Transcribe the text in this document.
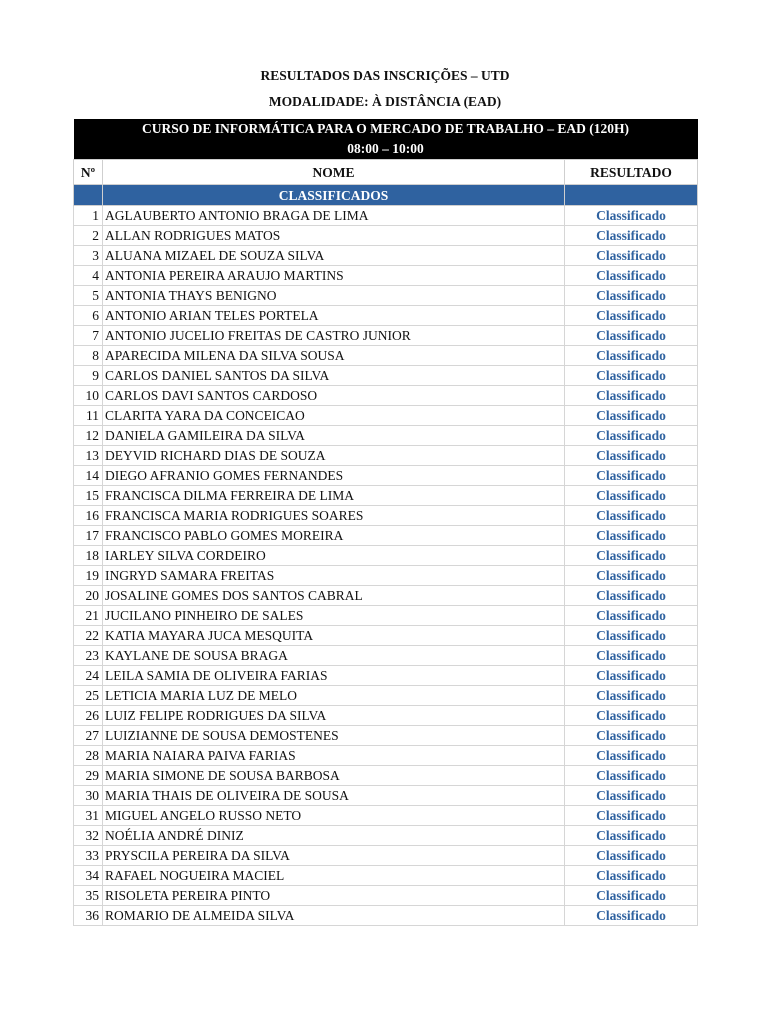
RESULTADOS DAS INSCRIÇÕES – UTD
MODALIDADE: À DISTÂNCIA (EAD)
CURSO DE INFORMÁTICA PARA O MERCADO DE TRABALHO – EAD (120H)		
08:00 – 10:00		
Nº	NOME	RESULTADO
	CLASSIFICADOS	
1	AGLAUBERTO ANTONIO BRAGA DE LIMA	Classificado
2	ALLAN RODRIGUES MATOS	Classificado
3	ALUANA MIZAEL DE SOUZA SILVA	Classificado
4	ANTONIA PEREIRA ARAUJO MARTINS	Classificado
5	ANTONIA THAYS BENIGNO	Classificado
6	ANTONIO ARIAN TELES PORTELA	Classificado
7	ANTONIO JUCELIO FREITAS DE CASTRO JUNIOR	Classificado
8	APARECIDA MILENA DA SILVA SOUSA	Classificado
9	CARLOS DANIEL SANTOS DA SILVA	Classificado
10	CARLOS DAVI SANTOS CARDOSO	Classificado
11	CLARITA YARA DA CONCEICAO	Classificado
12	DANIELA GAMILEIRA DA SILVA	Classificado
13	DEYVID RICHARD DIAS DE SOUZA	Classificado
14	DIEGO AFRANIO GOMES FERNANDES	Classificado
15	FRANCISCA DILMA FERREIRA DE LIMA	Classificado
16	FRANCISCA MARIA RODRIGUES SOARES	Classificado
17	FRANCISCO PABLO GOMES MOREIRA	Classificado
18	IARLEY SILVA CORDEIRO	Classificado
19	INGRYD SAMARA FREITAS	Classificado
20	JOSALINE GOMES DOS SANTOS CABRAL	Classificado
21	JUCILANO PINHEIRO DE SALES	Classificado
22	KATIA MAYARA JUCA MESQUITA	Classificado
23	KAYLANE DE SOUSA BRAGA	Classificado
24	LEILA SAMIA DE OLIVEIRA FARIAS	Classificado
25	LETICIA MARIA LUZ DE MELO	Classificado
26	LUIZ FELIPE RODRIGUES DA SILVA	Classificado
27	LUIZIANNE DE SOUSA DEMOSTENES	Classificado
28	MARIA NAIARA PAIVA FARIAS	Classificado
29	MARIA SIMONE DE SOUSA BARBOSA	Classificado
30	MARIA THAIS DE OLIVEIRA DE SOUSA	Classificado
31	MIGUEL ANGELO RUSSO NETO	Classificado
32	NOÉLIA ANDRÉ DINIZ	Classificado
33	PRYSCILA PEREIRA DA SILVA	Classificado
34	RAFAEL NOGUEIRA MACIEL	Classificado
35	RISOLETA PEREIRA PINTO	Classificado
36	ROMARIO DE ALMEIDA SILVA	Classificado
